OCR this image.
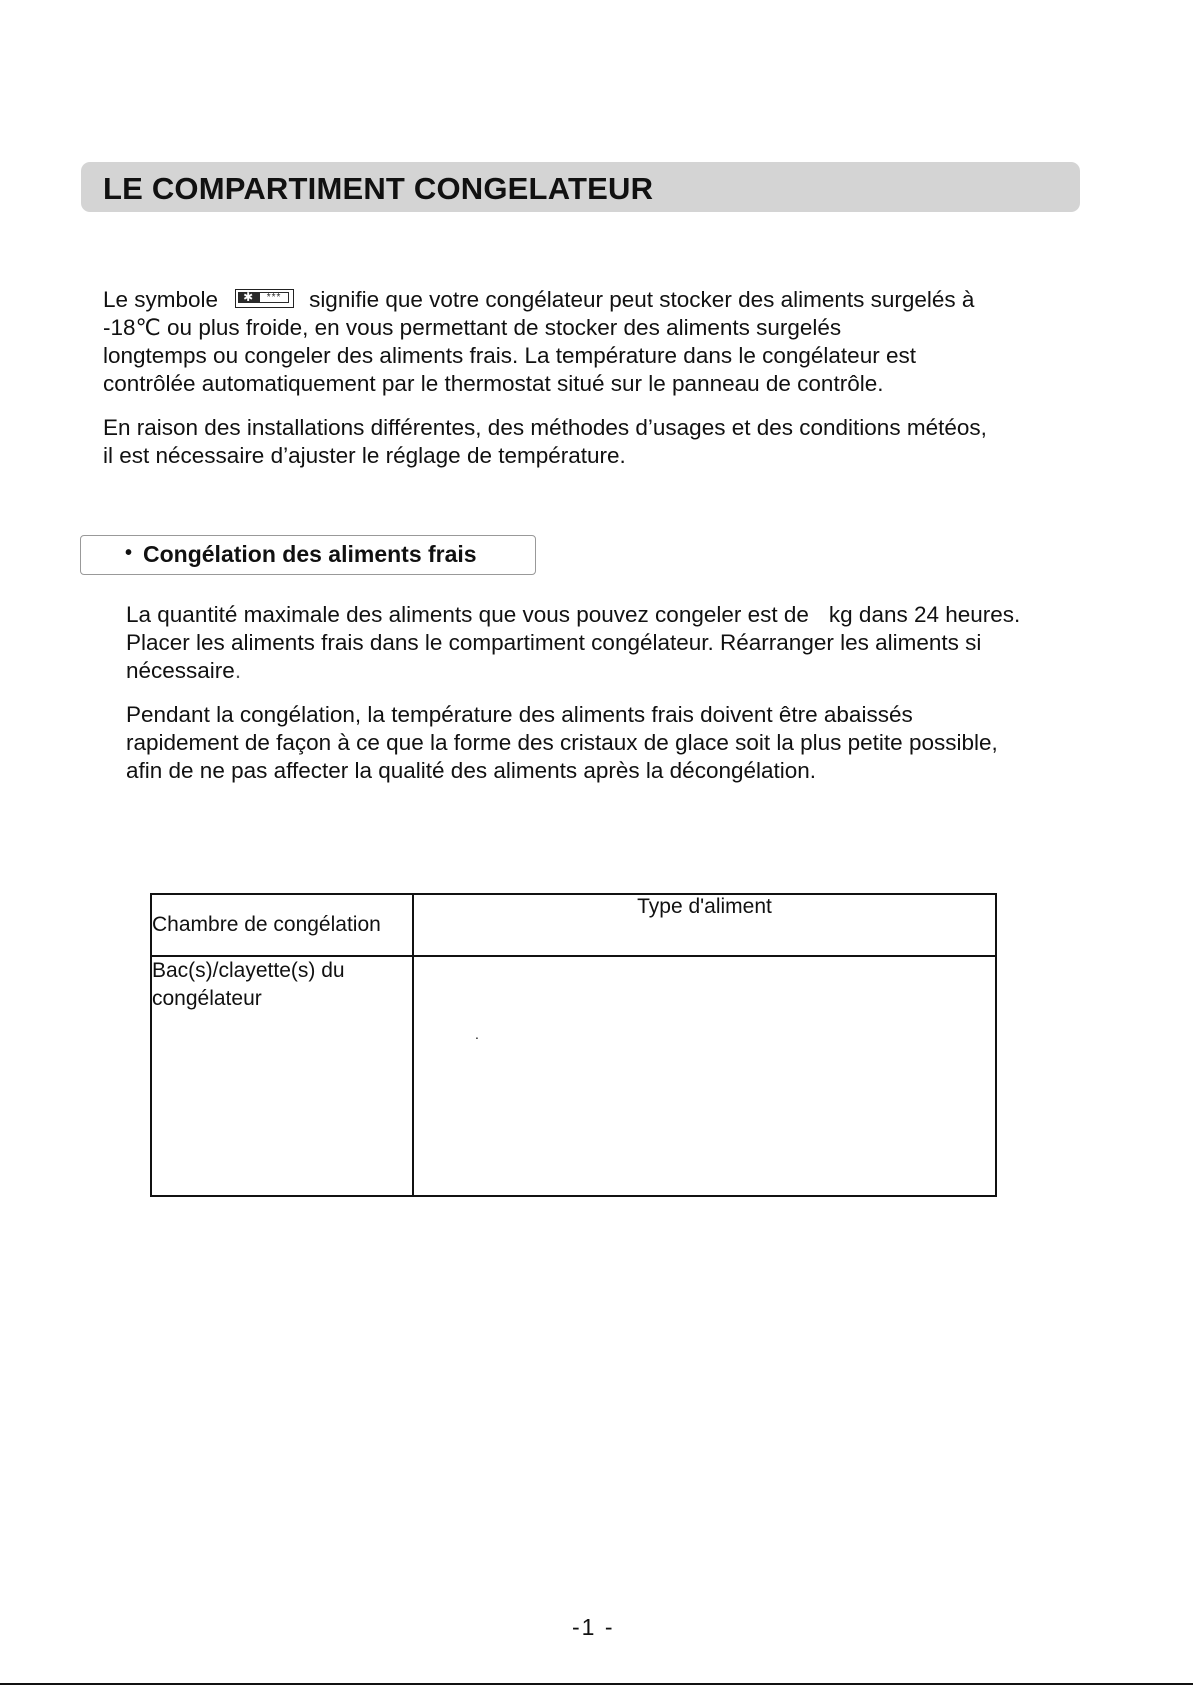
LE COMPARTIMENT CONGELATEUR

Le symbole ✱	*** signifie que votre congélateur peut stocker des aliments surgelés à
-18℃ ou plus froide, en vous permettant de stocker des aliments surgelés
longtemps ou congeler des aliments frais. La température dans le congélateur est
contrôlée automatiquement par le thermostat situé sur le panneau de contrôle.

En raison des installations différentes, des méthodes d’usages et des conditions météos,
il est nécessaire d’ajuster le réglage de température.

• Congélation des aliments frais

La quantité maximale des aliments que vous pouvez congeler est de kg dans 24 heures.
Placer les aliments frais dans le compartiment congélateur. Réarranger les aliments si
nécessaire.

Pendant la congélation, la température des aliments frais doivent être abaissés
rapidement de façon à ce que la forme des cristaux de glace soit la plus petite possible,
afin de ne pas affecter la qualité des aliments après la décongélation.

Chambre de congélation	Type d'aliment
Bac(s)/clayette(s) du
congélateur	.
-1 -
